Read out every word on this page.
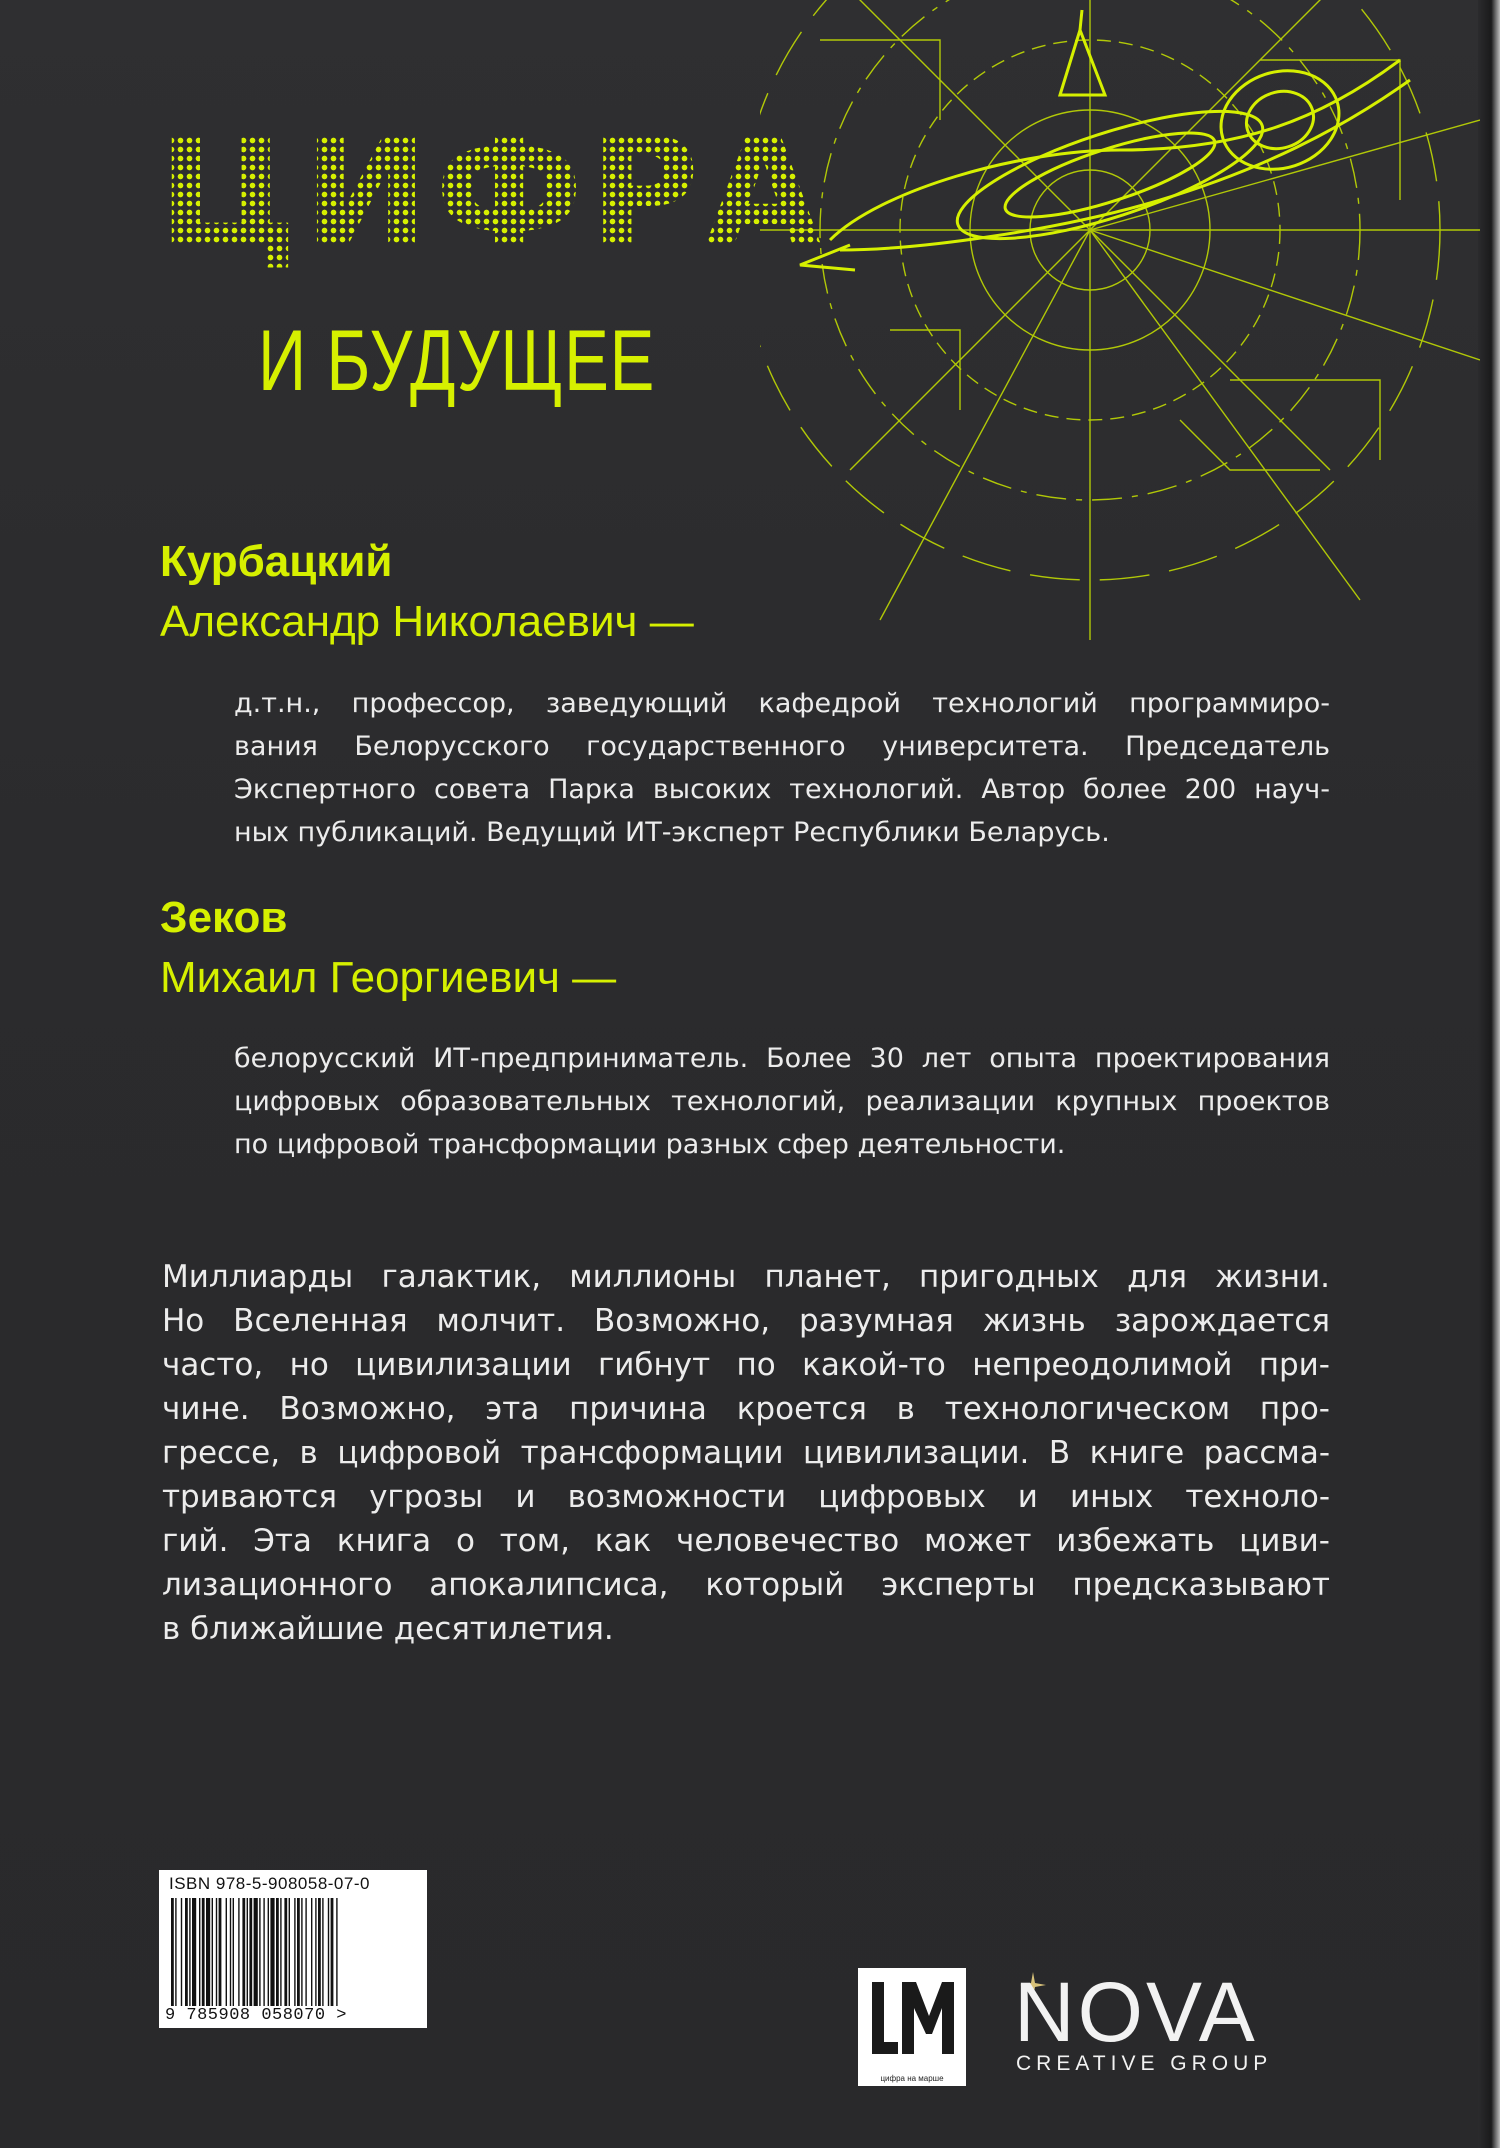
ЦИФРА
И БУДУЩЕЕ
Курбацкий
Александр Николаевич —
д.т.н., профессор, заведующий кафедрой технологий программиро-
вания Белорусского государственного университета. Председатель
Экспертного совета Парка высоких технологий. Автор более 200 науч-
ных публикаций. Ведущий ИТ-эксперт Республики Беларусь.
Зеков
Михаил Георгиевич —
белорусский ИТ-предприниматель. Более 30 лет опыта проектирования
цифровых образовательных технологий, реализации крупных проектов
по цифровой трансформации разных сфер деятельности.
Миллиарды галактик, миллионы планет, пригодных для жизни.
Но Вселенная молчит. Возможно, разумная жизнь зарождается
часто, но цивилизации гибнут по какой-то непреодолимой при-
чине. Возможно, эта причина кроется в технологическом про-
грессе, в цифровой трансформации цивилизации. В книге рассма-
триваются угрозы и возможности цифровых и иных техноло-
гий. Эта книга о том, как человечество может избежать циви-
лизационного апокалипсиса, который эксперты предсказывают
в ближайшие десятилетия.
ISBN 978-5-908058-07-0
9 785908 058070 >
цифра на марше
NOVA
CREATIVE GROUP
